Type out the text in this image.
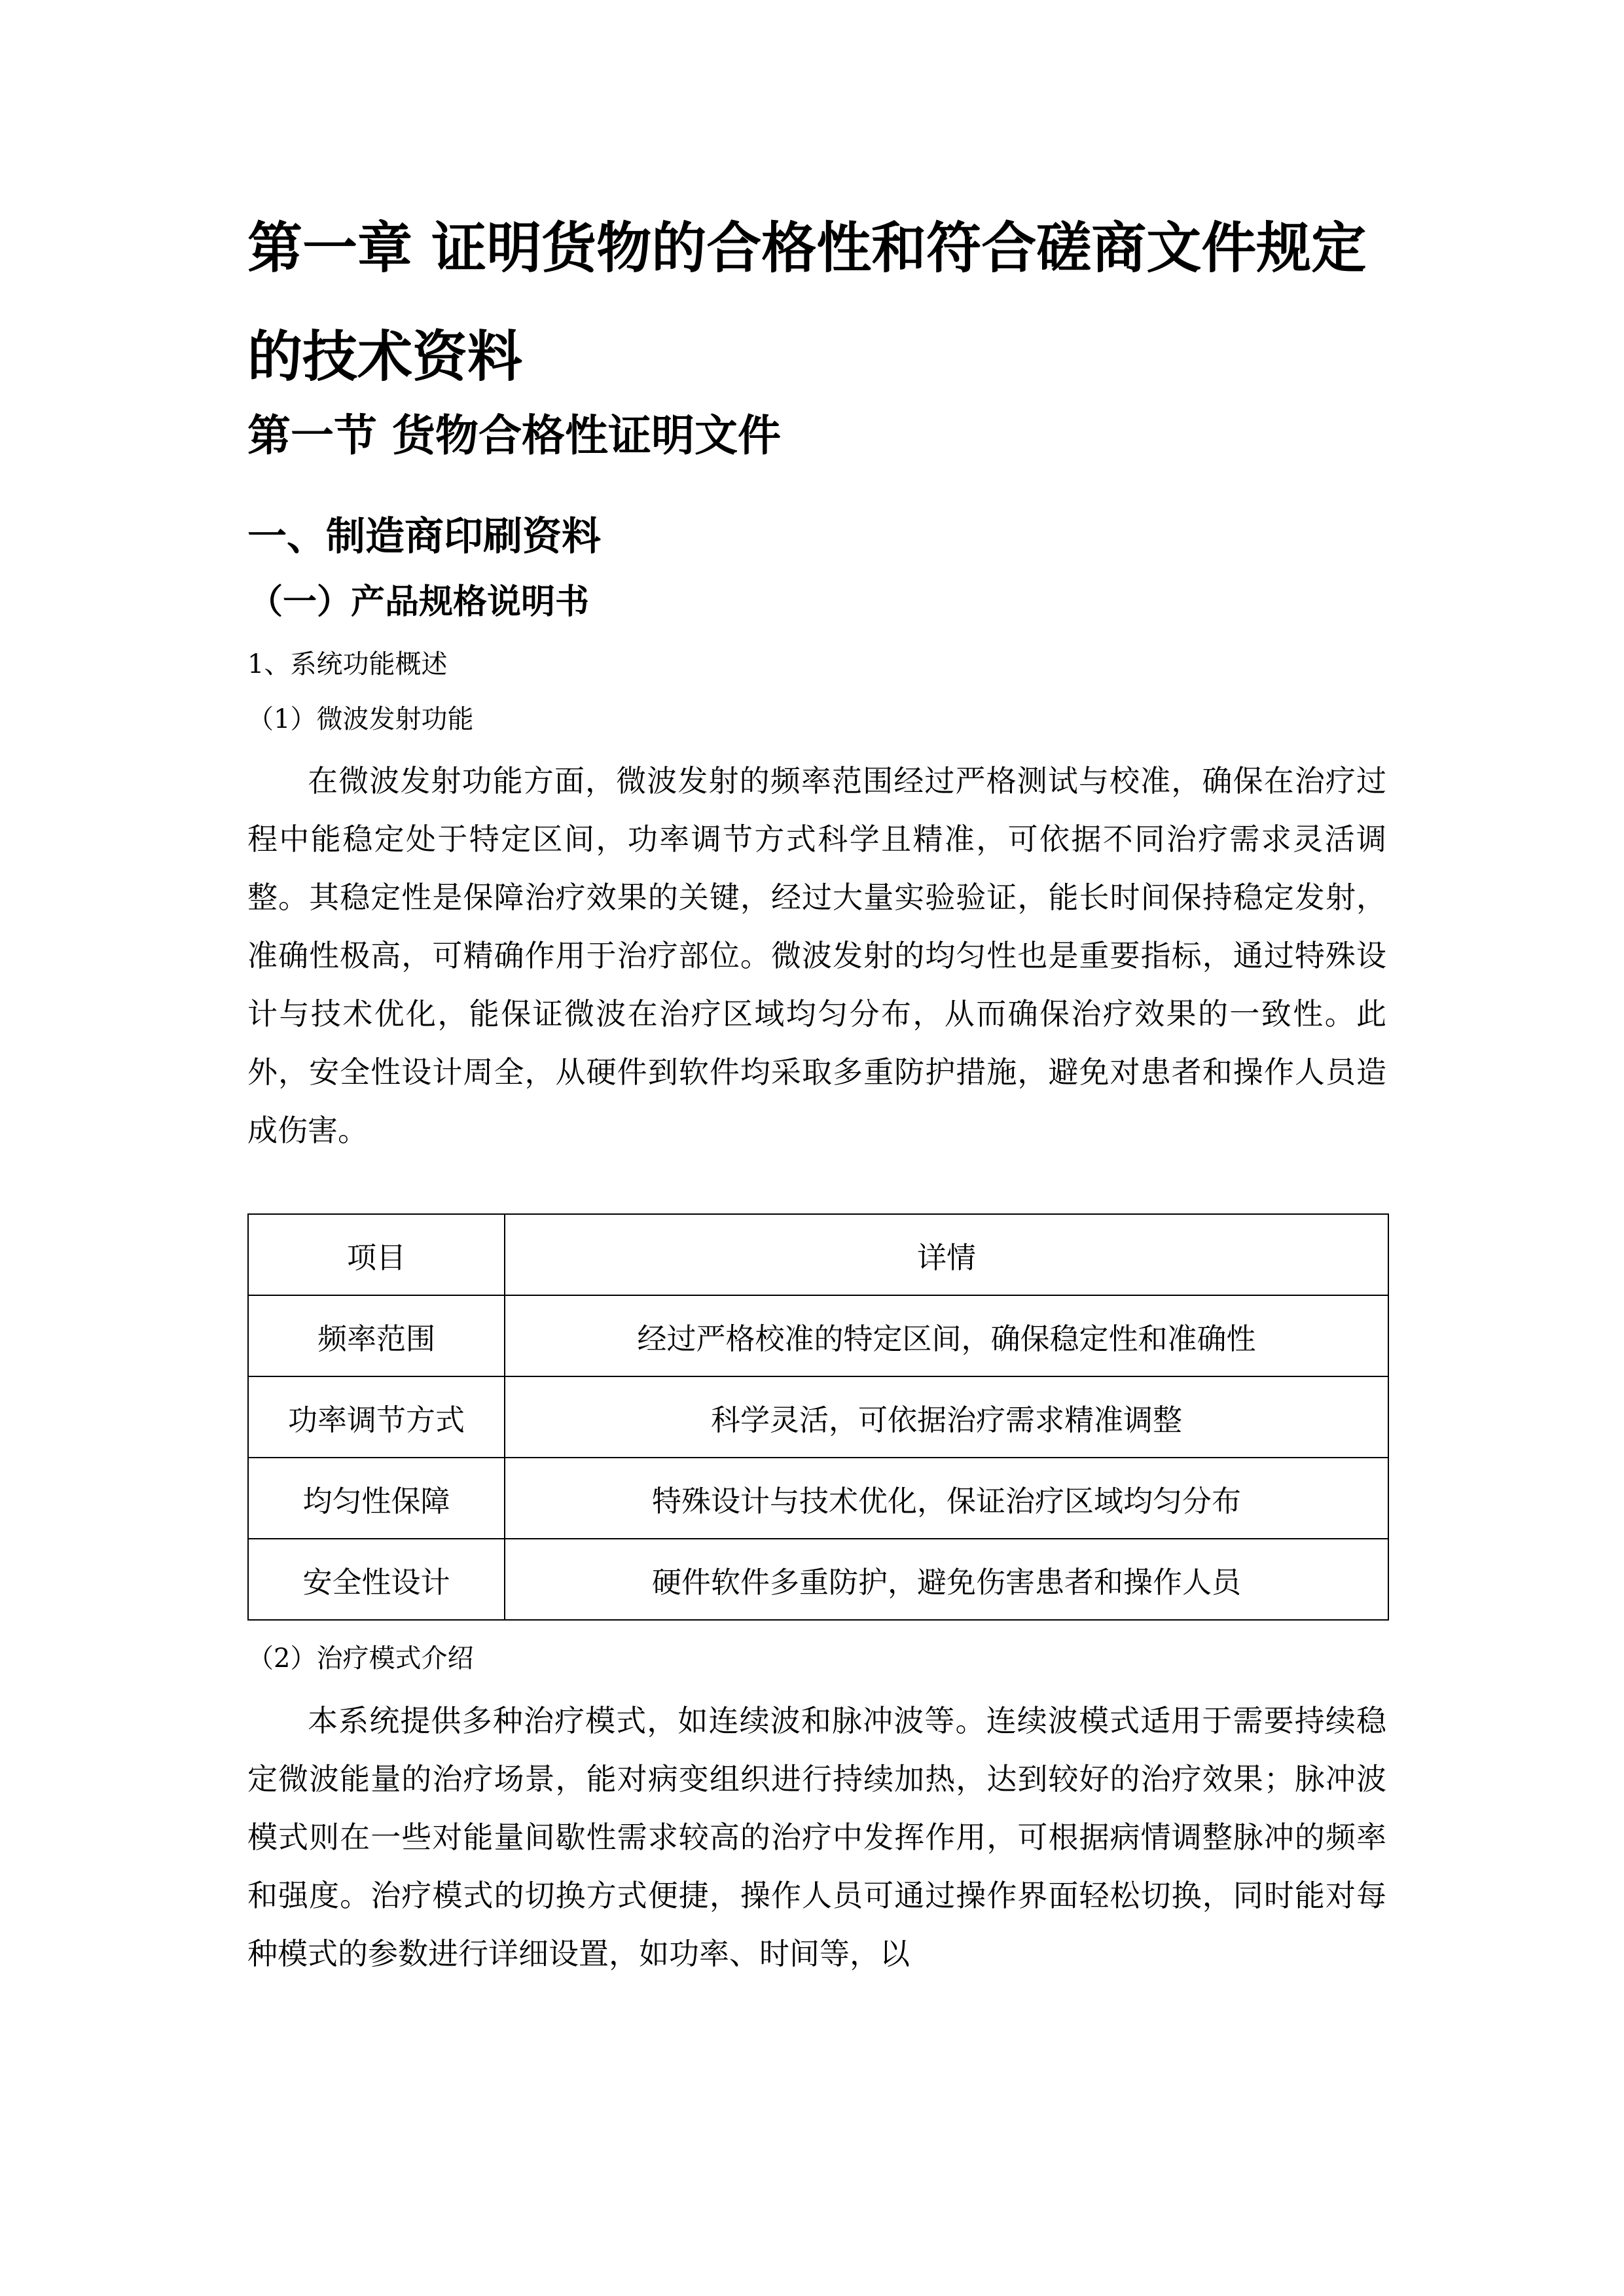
第一章 证明货物的合格性和符合磋商文件规定的技术资料
第一节 货物合格性证明文件
一、制造商印刷资料
（一）产品规格说明书

1、系统功能概述

（1）微波发射功能

在微波发射功能方面，微波发射的频率范围经过严格测试与校准，确保在治疗过程中能稳定处于特定区间，功率调节方式科学且精准，可依据不同治疗需求灵活调整。其稳定性是保障治疗效果的关键，经过大量实验验证，能长时间保持稳定发射，准确性极高，可精确作用于治疗部位。微波发射的均匀性也是重要指标，通过特殊设计与技术优化，能保证微波在治疗区域均匀分布，从而确保治疗效果的一致性。此外，安全性设计周全，从硬件到软件均采取多重防护措施，避免对患者和操作人员造成伤害。

项目	详情
频率范围	经过严格校准的特定区间，确保稳定性和准确性
功率调节方式	科学灵活，可依据治疗需求精准调整
均匀性保障	特殊设计与技术优化，保证治疗区域均匀分布
安全性设计	硬件软件多重防护，避免伤害患者和操作人员

（2）治疗模式介绍

本系统提供多种治疗模式，如连续波和脉冲波等。连续波模式适用于需要持续稳定微波能量的治疗场景，能对病变组织进行持续加热，达到较好的治疗效果；脉冲波模式则在一些对能量间歇性需求较高的治疗中发挥作用，可根据病情调整脉冲的频率和强度。治疗模式的切换方式便捷，操作人员可通过操作界面轻松切换，同时能对每种模式的参数进行详细设置，如功率、时间等，以
